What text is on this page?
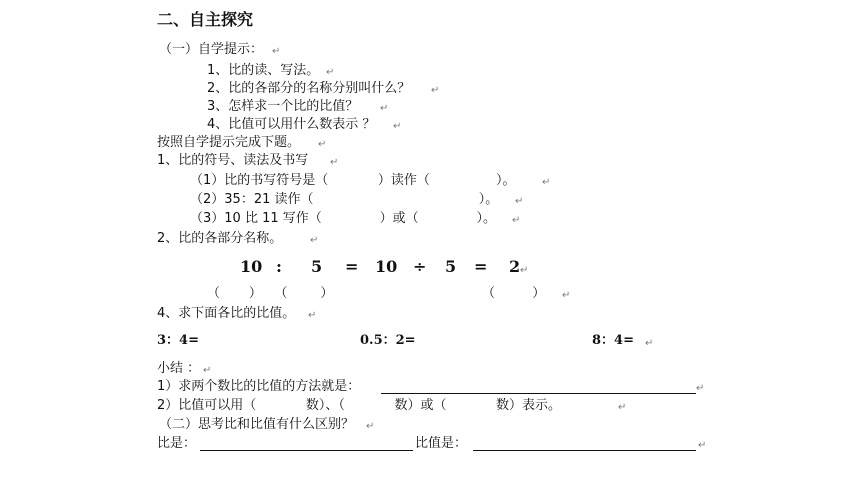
二、自主探究
（一）自学提示： ↵
1、比的读、写法。 ↵
2、比的各部分的名称分别叫什么？ ↵
3、怎样求一个比的比值？ ↵
4、比值可以用什么数表示 ？ ↵
按照自学提示完成下题。 ↵
1、比的符号、读法及书写 ↵
（1）比的书写符号是（            ）读作（                ）。	↵
（2）35：21 读作（                                        ）。 ↵
（3）10 比 11 写作（              ）或（              ）。 ↵
2、比的各部分名称。	↵
10 : 5 = 10 ÷ 5 = 2 ↵
（       ）   （        ）	（         ） ↵
4、求下面各比的比值。 ↵
3：4=	0.5：2=	8：4= ↵
小结 ： ↵
1）求两个数比的比值的方法就是：	↵
2）比值可以用（            数）、（            数）或（            数）表示。	↵
（二）思考比和比值有什么区别？ ↵
比是：	比值是：	↵
